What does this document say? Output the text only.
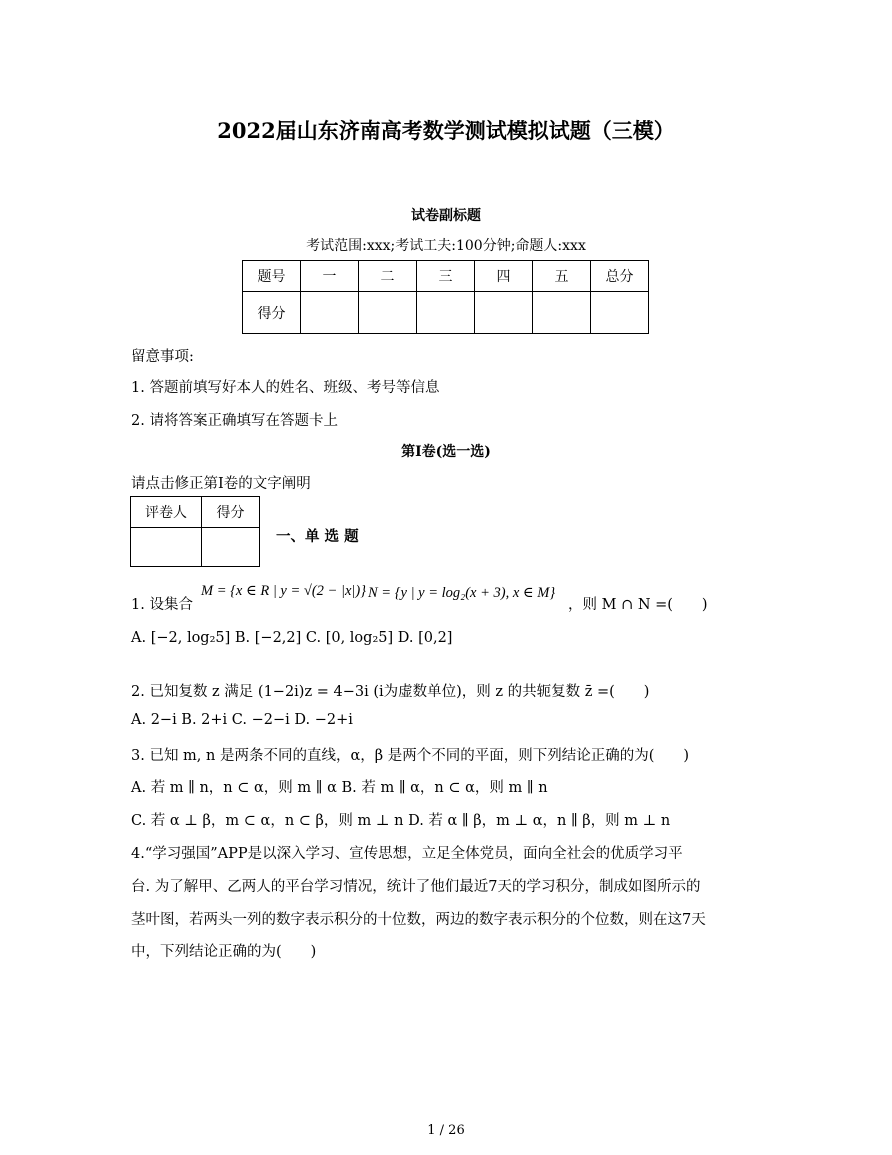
2022届山东济南高考数学测试模拟试题（三模）
试卷副标题
考试范围:xxx;考试工夫:100分钟;命题人:xxx
题号	一	二	三	四	五	总分
得分						
留意事项:
1. 答题前填写好本人的姓名、班级、考号等信息
2. 请将答案正确填写在答题卡上
第I卷(选一选)
请点击修正第I卷的文字阐明
评卷人	得分

一、单 选 题
1. 设集合
M = {x ∈ R | y = √(2 − |x|)} N = {y | y = log₂(x + 3), x ∈ M}
，则 M ∩ N =(　　)
A. [−2, log₂5] B. [−2,2] C. [0, log₂5] D. [0,2]
2. 已知复数 z 满足 (1−2i)z = 4−3i (i为虚数单位)，则 z 的共轭复数 z̄ =(　　)
A. 2−i B. 2+i C. −2−i D. −2+i
3. 已知 m, n 是两条不同的直线，α，β 是两个不同的平面，则下列结论正确的为(　　)
A. 若 m ∥ n，n ⊂ α，则 m ∥ α B. 若 m ∥ α，n ⊂ α，则 m ∥ n
C. 若 α ⊥ β，m ⊂ α，n ⊂ β，则 m ⊥ n D. 若 α ∥ β，m ⊥ α，n ∥ β，则 m ⊥ n
4.“学习强国”APP是以深入学习、宣传思想，立足全体党员，面向全社会的优质学习平
台. 为了解甲、乙两人的平台学习情况，统计了他们最近7天的学习积分，制成如图所示的
茎叶图，若两头一列的数字表示积分的十位数，两边的数字表示积分的个位数，则在这7天
中，下列结论正确的为(　　)
1 / 26
